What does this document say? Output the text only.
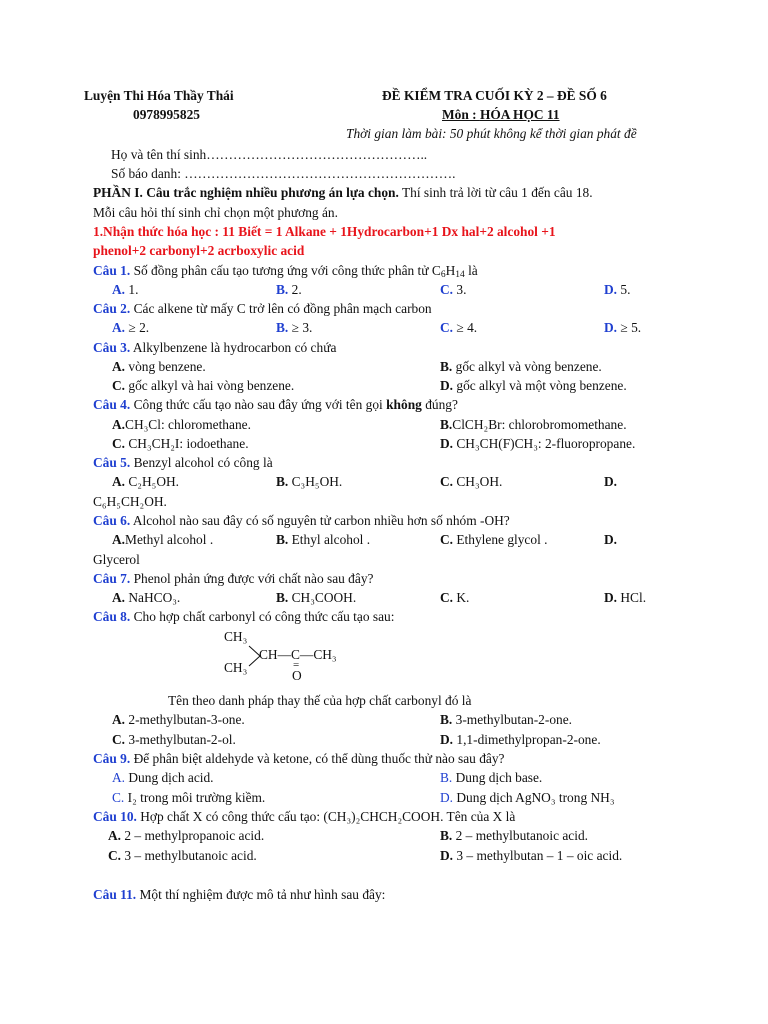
Luyện Thi Hóa Thầy Thái
0978995825
ĐỀ KIỂM TRA CUỐI KỲ 2 – ĐỀ SỐ 6
Môn : HÓA HỌC 11
Thời gian làm bài: 50 phút không kể thời gian phát đề
Họ và tên thí sinh…………………………………………..
Số báo danh: …………………………………………………….
PHẦN I. Câu trắc nghiệm nhiều phương án lựa chọn. Thí sinh trả lời từ câu 1 đến câu 18.
Mỗi câu hỏi thí sinh chỉ chọn một phương án.
1.Nhận thức hóa học : 11 Biết = 1 Alkane + 1Hydrocarbon+1 Dx hal+2 alcohol +1
phenol+2 carbonyl+2 acrboxylic acid
Câu 1. Số đồng phân cấu tạo tương ứng với công thức phân tử $C_6H_{14}$ là
A. 1.	B. 2.	C. 3.	D. 5.
Câu 2. Các alkene từ mấy C trở lên có đồng phân mạch carbon
A. ≥ 2.	B. ≥ 3.	C. ≥ 4.	D. ≥ 5.
Câu 3. Alkylbenzene là hydrocarbon có chứa
A. vòng benzene.	B. gốc alkyl và vòng benzene.
C. gốc alkyl và hai vòng benzene.	D. gốc alkyl và một vòng benzene.
Câu 4. Công thức cấu tạo nào sau đây ứng với tên gọi không đúng?
A.CH₃Cl: chloromethane.	B.ClCH₂Br: chlorobromomethane.
C. CH₃CH₂I: iodoethane.	D. CH₃CH(F)CH₃: 2-fluoropropane.
Câu 5. Benzyl alcohol có công là
A. C₂H₅OH.	B. C₃H₅OH.	C. CH₃OH.	D.
C₆H₅CH₂OH.
Câu 6. Alcohol nào sau đây có số nguyên tử carbon nhiều hơn số nhóm -OH?
A.Methyl alcohol .	B. Ethyl alcohol .	C. Ethylene glycol .	D.
Glycerol
Câu 7. Phenol phản ứng được với chất nào sau đây?
A. NaHCO₃.	B. CH₃COOH.	C. K.	D. HCl.
Câu 8. Cho hợp chất carbonyl có công thức cấu tạo sau:
CH₃
CH—C—CH₃
CH₃	=
O
Tên theo danh pháp thay thế của hợp chất carbonyl đó là
A. 2-methylbutan-3-one.	B. 3-methylbutan-2-one.
C. 3-methylbutan-2-ol.	D. 1,1-dimethylpropan-2-one.
Câu 9. Để phân biệt aldehyde và ketone, có thể dùng thuốc thử nào sau đây?
A. Dung dịch acid.	B. Dung dịch base.
C. I₂ trong môi trường kiềm.	D. Dung dịch AgNO₃ trong NH₃
Câu 10. Hợp chất X có công thức cấu tạo: (CH₃)₂CHCH₂COOH. Tên của X là
A. 2 – methylpropanoic acid.	B. 2 – methylbutanoic acid.
C. 3 – methylbutanoic acid.	D. 3 – methylbutan – 1 – oic acid.
Câu 11. Một thí nghiệm được mô tả như hình sau đây:
